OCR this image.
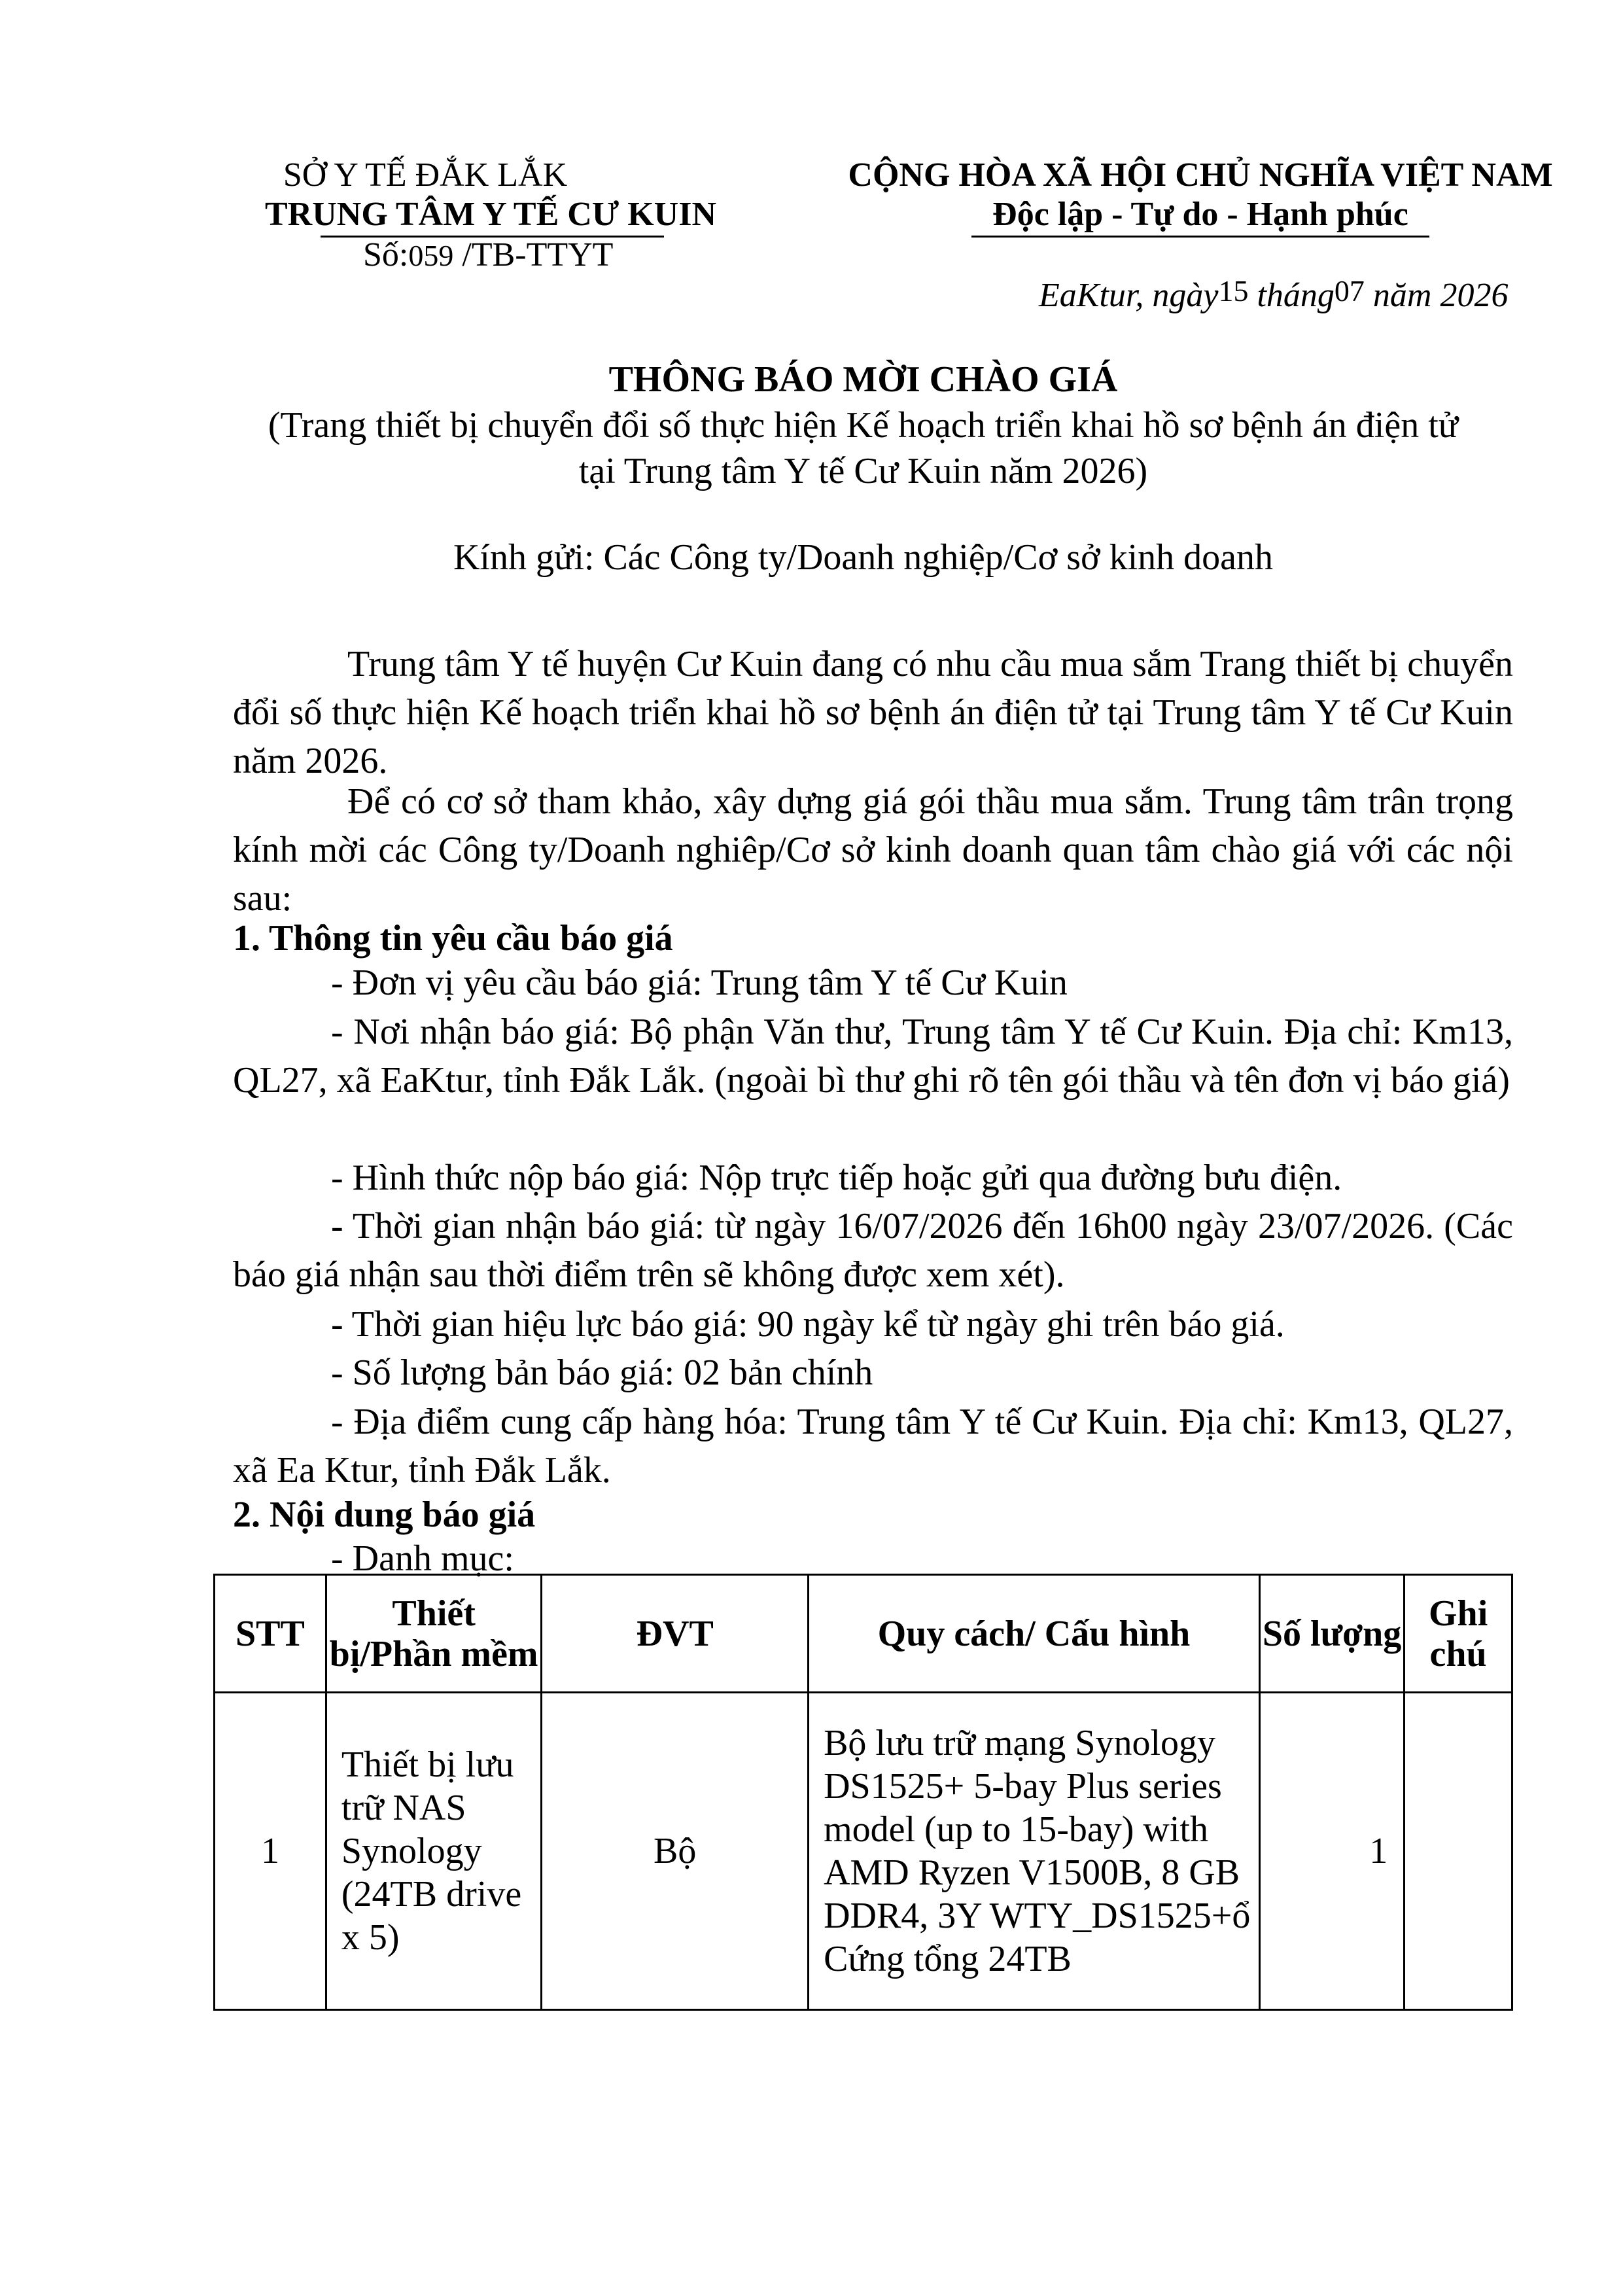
SỞ Y TẾ ĐẮK LẮK
TRUNG TÂM Y TẾ CƯ KUIN
Số:059 /TB-TTYT
CỘNG HÒA XÃ HỘI CHỦ NGHĨA VIỆT NAM
Độc lập - Tự do - Hạnh phúc
EaKtur, ngày15 tháng07 năm 2026
THÔNG BÁO MỜI CHÀO GIÁ
(Trang thiết bị chuyển đổi số thực hiện Kế hoạch triển khai hồ sơ bệnh án điện tử
tại Trung tâm Y tế Cư Kuin năm 2026)
Kính gửi: Các Công ty/Doanh nghiệp/Cơ sở kinh doanh
Trung tâm Y tế huyện Cư Kuin đang có nhu cầu mua sắm Trang thiết bị chuyển đổi số thực hiện Kế hoạch triển khai hồ sơ bệnh án điện tử tại Trung tâm Y tế Cư Kuin năm 2026.
Để có cơ sở tham khảo, xây dựng giá gói thầu mua sắm. Trung tâm trân trọng kính mời các Công ty/Doanh nghiêp/Cơ sở kinh doanh quan tâm chào giá với các nội sau:
1. Thông tin yêu cầu báo giá
- Đơn vị yêu cầu báo giá: Trung tâm Y tế Cư Kuin
- Nơi nhận báo giá: Bộ phận Văn thư, Trung tâm Y tế Cư Kuin. Địa chỉ: Km13, QL27, xã EaKtur, tỉnh Đắk Lắk. (ngoài bì thư ghi rõ tên gói thầu và tên đơn vị báo giá)
- Hình thức nộp báo giá: Nộp trực tiếp hoặc gửi qua đường bưu điện.
- Thời gian nhận báo giá: từ ngày 16/07/2026 đến 16h00 ngày 23/07/2026. (Các báo giá nhận sau thời điểm trên sẽ không được xem xét).
- Thời gian hiệu lực báo giá: 90 ngày kể từ ngày ghi trên báo giá.
- Số lượng bản báo giá: 02 bản chính
- Địa điểm cung cấp hàng hóa: Trung tâm Y tế Cư Kuin. Địa chỉ: Km13, QL27, xã Ea Ktur, tỉnh Đắk Lắk.
2. Nội dung báo giá
- Danh mục:
STT	Thiết bị/Phần mềm	ĐVT	Quy cách/ Cấu hình	Số lượng	Ghi chú
1	Thiết bị lưu trữ NAS Synology (24TB drive x 5)	Bộ	Bộ lưu trữ mạng Synology DS1525+ 5-bay Plus series model (up to 15-bay) with AMD Ryzen V1500B, 8 GB DDR4, 3Y WTY_DS1525+ổ Cứng tổng 24TB	1	
